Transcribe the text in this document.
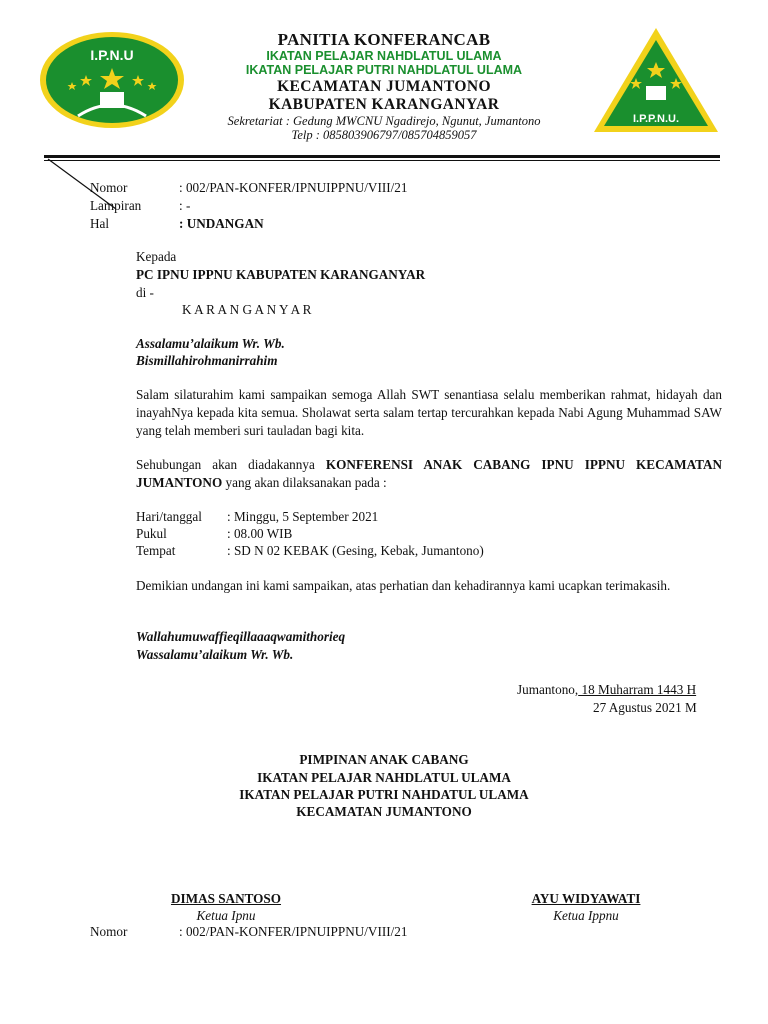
I.P.N.U
I.P.P.N.U.
PANITIA KONFERANCAB
IKATAN PELAJAR NAHDLATUL ULAMA
IKATAN PELAJAR PUTRI NAHDLATUL ULAMA
KECAMATAN JUMANTONO
KABUPATEN KARANGANYAR
Sekretariat : Gedung MWCNU Ngadirejo, Ngunut, Jumantono
Telp : 085803906797/085704859057
Nomor	: 002/PAN-KONFER/IPNUIPPNU/VIII/21
Lampiran	: -
Hal	: UNDANGAN
Kepada
PC IPNU IPPNU KABUPATEN KARANGANYAR
di -
K A R A N G A N Y A R
Assalamu’alaikum Wr. Wb.
Bismillahirohmanirrahim
Salam silaturahim kami sampaikan semoga Allah SWT senantiasa selalu memberikan rahmat, hidayah dan inayahNya kepada kita semua. Sholawat serta salam tertap tercurahkan kepada Nabi Agung Muhammad SAW yang telah memberi suri tauladan bagi kita.
Sehubungan akan diadakannya KONFERENSI ANAK CABANG IPNU IPPNU KECAMATAN JUMANTONO yang akan dilaksanakan pada :
Hari/tanggal : Minggu, 5 September 2021
Pukul	: 08.00 WIB
Tempat	: SD N 02 KEBAK (Gesing, Kebak, Jumantono)
Demikian undangan ini kami sampaikan, atas perhatian dan kehadirannya kami ucapkan terimakasih.
Wallahumuwaffieqillaaaqwamithorieq
Wassalamu’alaikum Wr. Wb.
Jumantono, 18 Muharram 1443 H
27 Agustus 2021 M
PIMPINAN ANAK CABANG
IKATAN PELAJAR NAHDLATUL ULAMA
IKATAN PELAJAR PUTRI NAHDATUL ULAMA
KECAMATAN JUMANTONO
DIMAS SANTOSO
Ketua Ipnu
AYU WIDYAWATI
Ketua Ippnu
Nomor	: 002/PAN-KONFER/IPNUIPPNU/VIII/21
